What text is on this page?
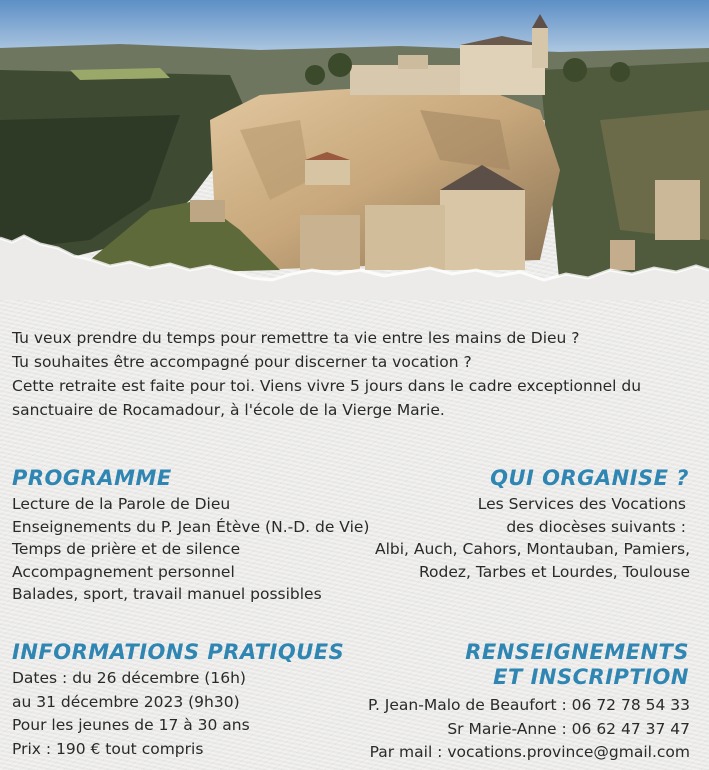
Tu veux prendre du temps pour remettre ta vie entre les mains de Dieu ?

Tu souhaites être accompagné pour discerner ta vocation ?

Cette retraite est faite pour toi. Viens vivre 5 jours dans le cadre exceptionnel du

sanctuaire de Rocamadour, à l'école de la Vierge Marie.

PROGRAMME
Lecture de la Parole de Dieu
Enseignements du P. Jean Étève (N.-D. de Vie)
Temps de prière et de silence
Accompagnement personnel
Balades, sport, travail manuel possibles
QUI ORGANISE ?
Les Services des Vocations
des diocèses suivants :
Albi, Auch, Cahors, Montauban, Pamiers,
Rodez, Tarbes et Lourdes, Toulouse
INFORMATIONS PRATIQUES
Dates : du 26 décembre (16h)
au 31 décembre 2023 (9h30)
Pour les jeunes de 17 à 30 ans
Prix : 190 € tout compris
RENSEIGNEMENTS
ET INSCRIPTION
P. Jean-Malo de Beaufort : 06 72 78 54 33
Sr Marie-Anne : 06 62 47 37 47
Par mail : vocations.province@gmail.com
